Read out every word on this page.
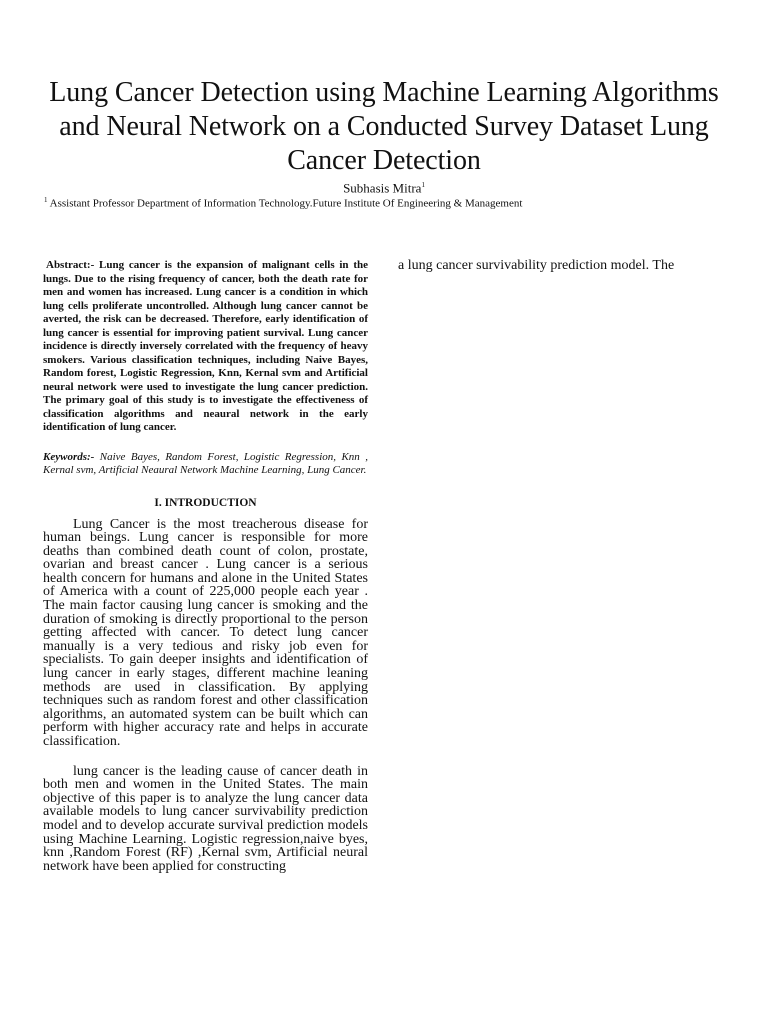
Lung Cancer Detection using Machine Learning Algorithms and Neural Network on a Conducted Survey Dataset Lung Cancer Detection
Subhasis Mitra$^1$
$^1$ Assistant Professor Department of Information Technology.Future Institute Of Engineering & Management

Abstract:- Lung cancer is the expansion of malignant cells in the lungs. Due to the rising frequency of cancer, both the death rate for men and women has increased. Lung cancer is a condition in which lung cells proliferate uncontrolled. Although lung cancer cannot be averted, the risk can be decreased. Therefore, early identification of lung cancer is essential for improving patient survival. Lung cancer incidence is directly inversely correlated with the frequency of heavy smokers. Various classification techniques, including Naive Bayes, Random forest, Logistic Regression, Knn, Kernal svm and Artificial neural network were used to investigate the lung cancer prediction. The primary goal of this study is to investigate the effectiveness of classification algorithms and neaural network in the early identification of lung cancer.

Keywords:- Naive Bayes, Random Forest, Logistic Regression, Knn , Kernal svm, Artificial Neaural Network Machine Learning, Lung Cancer.

I. INTRODUCTION

Lung Cancer is the most treacherous disease for human beings. Lung cancer is responsible for more deaths than combined death count of colon, prostate, ovarian and breast cancer . Lung cancer is a serious health concern for humans and alone in the United States of America with a count of 225,000 people each year . The main factor causing lung cancer is smoking and the duration of smoking is directly proportional to the person getting affected with cancer. To detect lung cancer manually is a very tedious and risky job even for specialists. To gain deeper insights and identification of lung cancer in early stages, different machine leaning methods are used in classification. By applying techniques such as random forest and other classification algorithms, an automated system can be built which can perform with higher accuracy rate and helps in accurate classification.

lung cancer is the leading cause of cancer death in both men and women in the United States. The main objective of this paper is to analyze the lung cancer data available models to lung cancer survivability prediction model and to develop accurate survival prediction models using Machine Learning. Logistic regression,naive byes, knn ,Random Forest (RF) ,Kernal svm, Artificial neural network have been applied for constructing

a lung cancer survivability prediction model. The
